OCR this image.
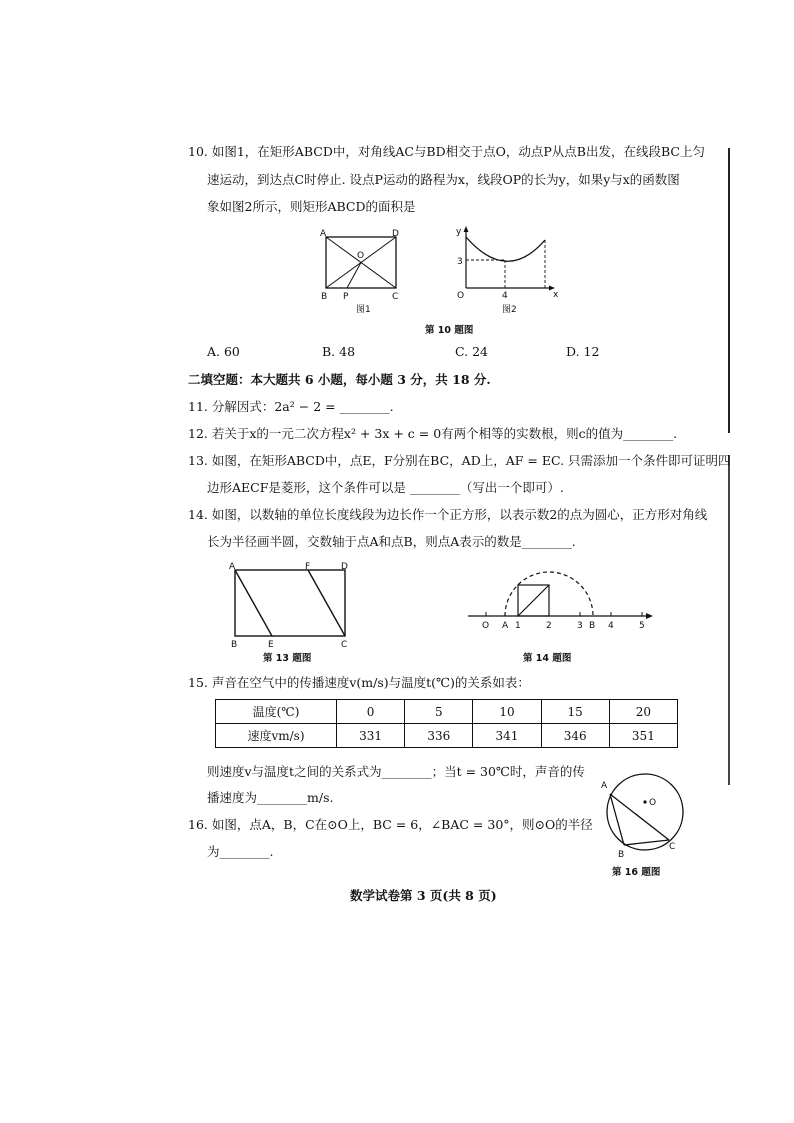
10. 如图1，在矩形ABCD中，对角线AC与BD相交于点O，动点P从点B出发，在线段BC上匀
速运动，到达点C时停止. 设点P运动的路程为x，线段OP的长为y，如果y与x的函数图
象如图2所示，则矩形ABCD的面积是
A	D
O
B P	C
图1
y
3
O	4	x
图2
第 10 题图
A. 60	B. 48	C. 24	D. 12
二填空题：本大题共 6 小题，每小题 3 分，共 18 分.
11. 分解因式：2a² − 2 = ________.
12. 若关于x的一元二次方程x² + 3x + c = 0有两个相等的实数根，则c的值为________.
13. 如图，在矩形ABCD中，点E，F分别在BC，AD上，AF = EC. 只需添加一个条件即可证明四
边形AECF是菱形，这个条件可以是 ________（写出一个即可）.
14. 如图，以数轴的单位长度线段为边长作一个正方形，以表示数2的点为圆心，正方形对角线
长为半径画半圆，交数轴于点A和点B，则点A表示的数是________.
A	F	D
B	E	C
第 13 题图
O A 1	2	3 B 4	5
第 14 题图
15. 声音在空气中的传播速度v(m/s)与温度t(℃)的关系如表：
温度(℃)	0	5	10	15	20
速度vm/s)	331	336	341	346	351
则速度v与温度t之间的关系式为________；当t = 30℃时，声音的传
播速度为________m/s.
16. 如图，点A，B，C在⊙O上，BC = 6，∠BAC = 30°，则⊙O的半径
为________.
A
O
B
C
第 16 题图
数学试卷第 3 页(共 8 页)
